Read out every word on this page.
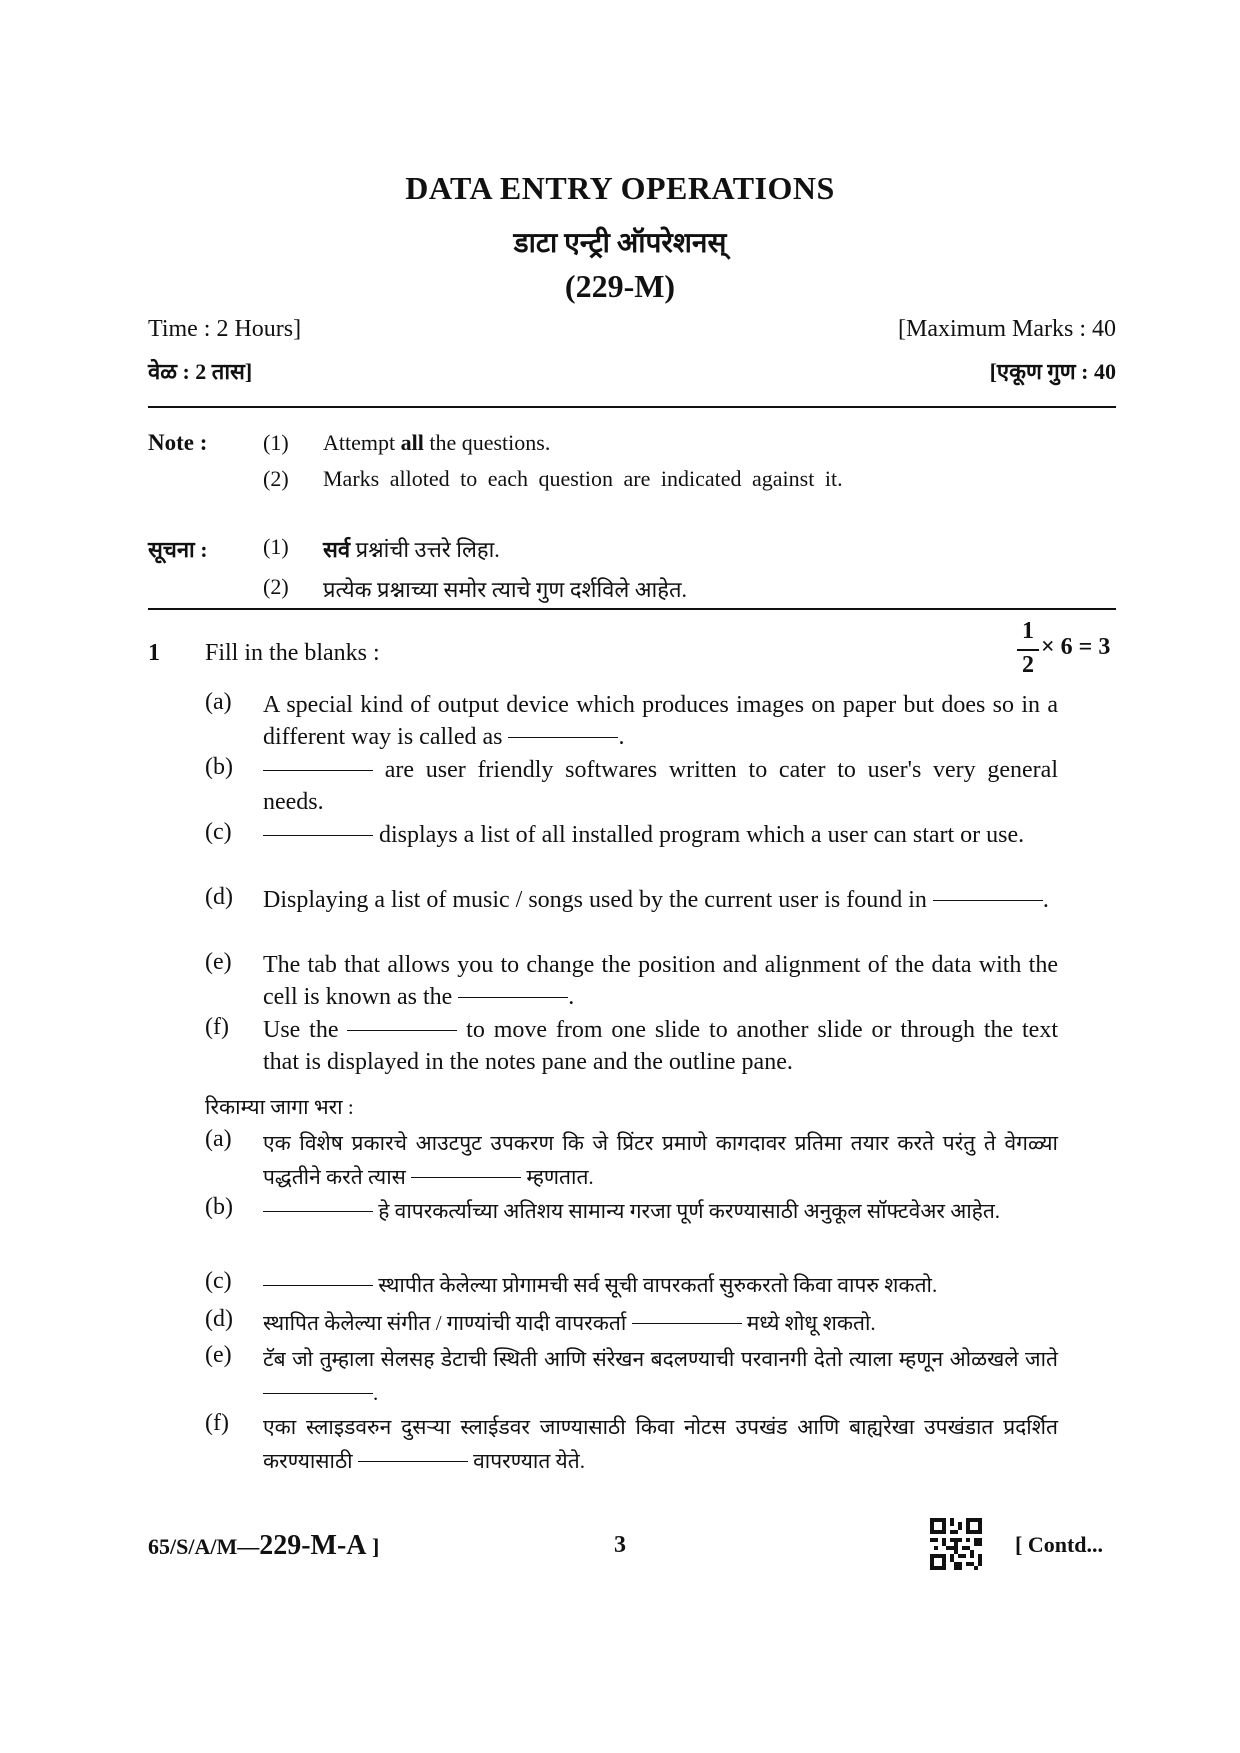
DATA ENTRY OPERATIONS
डाटा एन्ट्री ऑपरेशनस्
(229-M)
Time : 2 Hours]	[Maximum Marks : 40
वेळ : 2 तास]	[एकूण गुण : 40
Note :	(1) Attempt all the questions.
(2) Marks alloted to each question are indicated against it.
सूचना :	(1) सर्व प्रश्नांची उत्तरे लिहा.
(2) प्रत्येक प्रश्नाच्या समोर त्याचे गुण दर्शविले आहेत.
1 Fill in the blanks :
1
2
× 6 = 3
(a) A special kind of output device which produces images on paper but does so in a different way is called as	.
(b)	are user friendly softwares written to cater to user's very general needs.
(c)	displays a list of all installed program which a user can start or use.
(d) Displaying a list of music / songs used by the current user is found in	.
(e) The tab that allows you to change the position and alignment of the data with the cell is known as the	.
(f) Use the	to move from one slide to another slide or through the text that is displayed in the notes pane and the outline pane.
रिकाम्या जागा भरा :
(a) एक विशेष प्रकारचे आउटपुट उपकरण कि जे प्रिंटर प्रमाणे कागदावर प्रतिमा तयार करते परंतु ते वेगळ्या पद्धतीने करते त्यास	म्हणतात.
(b)	हे वापरकर्त्याच्या अतिशय सामान्य गरजा पूर्ण करण्यासाठी अनुकूल सॉफ्टवेअर आहेत.
(c)	स्थापीत केलेल्या प्रोगामची सर्व सूची वापरकर्ता सुरुकरतो किवा वापरु शकतो.
(d) स्थापित केलेल्या संगीत / गाण्यांची यादी वापरकर्ता	मध्ये शोधू शकतो.
(e) टॅब जो तुम्हाला सेलसह डेटाची स्थिती आणि संरेखन बदलण्याची परवानगी देतो त्याला म्हणून ओळखले जाते .
(f) एका स्लाइडवरुन दुसऱ्या स्लाईडवर जाण्यासाठी किवा नोटस उपखंड आणि बाह्यरेखा उपखंडात प्रदर्शित करण्यासाठी	वापरण्यात येते.
65/S/A/M—229-M-A ]	3	[ Contd...
